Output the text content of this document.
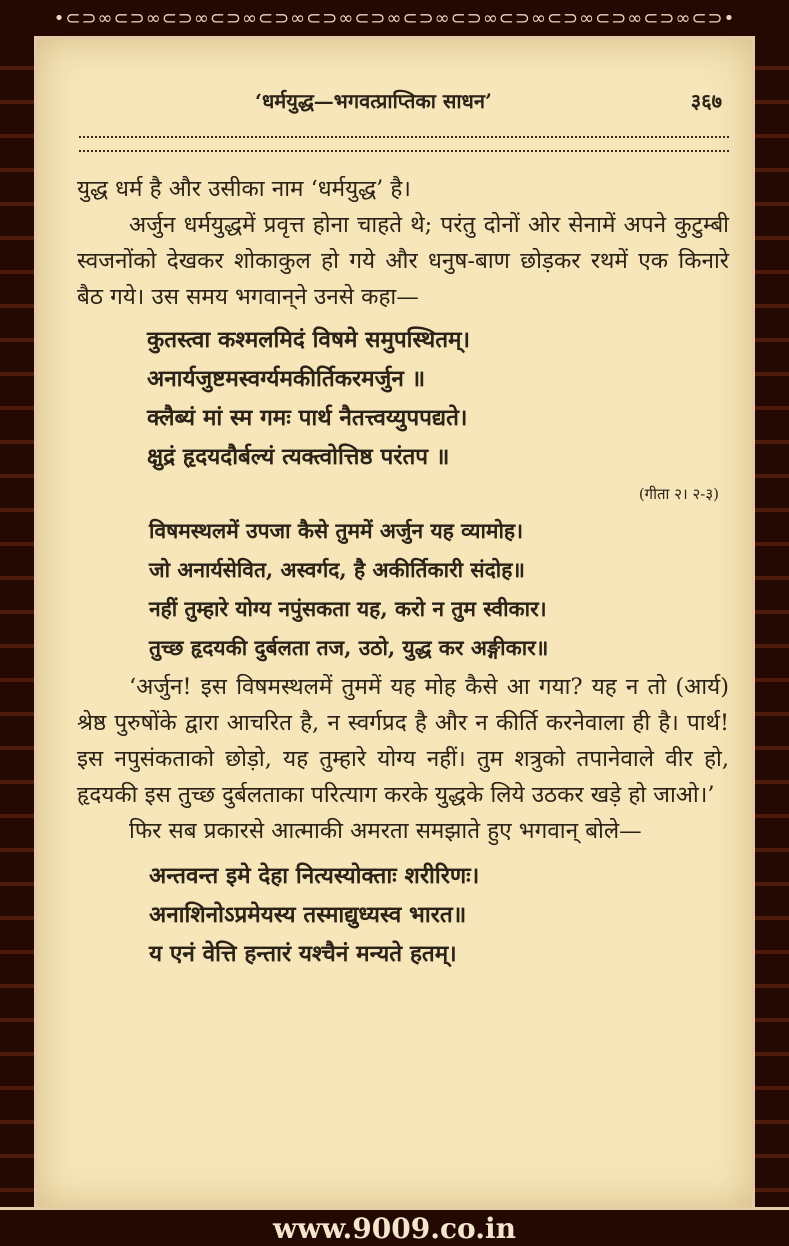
•⊂⊃∞⊂⊃∞⊂⊃∞⊂⊃∞⊂⊃∞⊂⊃∞⊂⊃∞⊂⊃∞⊂⊃∞⊂⊃∞⊂⊃∞⊂⊃∞⊂⊃∞⊂⊃•
‘धर्मयुद्ध—भगवत्प्राप्तिका साधन’	३६७

युद्ध धर्म है और उसीका नाम ‘धर्मयुद्ध’ है।

अर्जुन धर्मयुद्धमें प्रवृत्त होना चाहते थे; परंतु दोनों ओर सेनामें अपने कुटुम्बी स्वजनोंको देखकर शोकाकुल हो गये और धनुष-बाण छोड़कर रथमें एक किनारे बैठ गये। उस समय भगवान्‌ने उनसे कहा—

कुतस्त्वा कश्मलमिदं विषमे समुपस्थितम्‌।
अनार्यजुष्टमस्वर्ग्यमकीर्तिकरमर्जुन ॥
क्लैब्यं मां स्म गमः पार्थ नैतत्त्वय्युपपद्यते।
क्षुद्रं हृदयदौर्बल्यं त्यक्त्वोत्तिष्ठ परंतप ॥
(गीता २। २-३)
विषमस्थलमें उपजा कैसे तुममें अर्जुन यह व्यामोह।
जो अनार्यसेवित, अस्वर्गद, है अकीर्तिकारी संदोह॥
नहीं तुम्हारे योग्य नपुंसकता यह, करो न तुम स्वीकार।
तुच्छ हृदयकी दुर्बलता तज, उठो, युद्ध कर अङ्गीकार॥

‘अर्जुन! इस विषमस्थलमें तुममें यह मोह कैसे आ गया? यह न तो (आर्य) श्रेष्ठ पुरुषोंके द्वारा आचरित है, न स्वर्गप्रद है और न कीर्ति करनेवाला ही है। पार्थ! इस नपुसंकताको छोड़ो, यह तुम्हारे योग्य नहीं। तुम शत्रुको तपानेवाले वीर हो, हृदयकी इस तुच्छ दुर्बलताका परित्याग करके युद्धके लिये उठकर खड़े हो जाओ।’

फिर सब प्रकारसे आत्माकी अमरता समझाते हुए भगवान्‌ बोले—

अन्तवन्त इमे देहा नित्यस्योक्ताः शरीरिणः।
अनाशिनोऽप्रमेयस्य तस्माद्युध्यस्व भारत॥
य एनं वेत्ति हन्तारं यश्चैनं मन्यते हतम्‌।
www.9009.co.in
